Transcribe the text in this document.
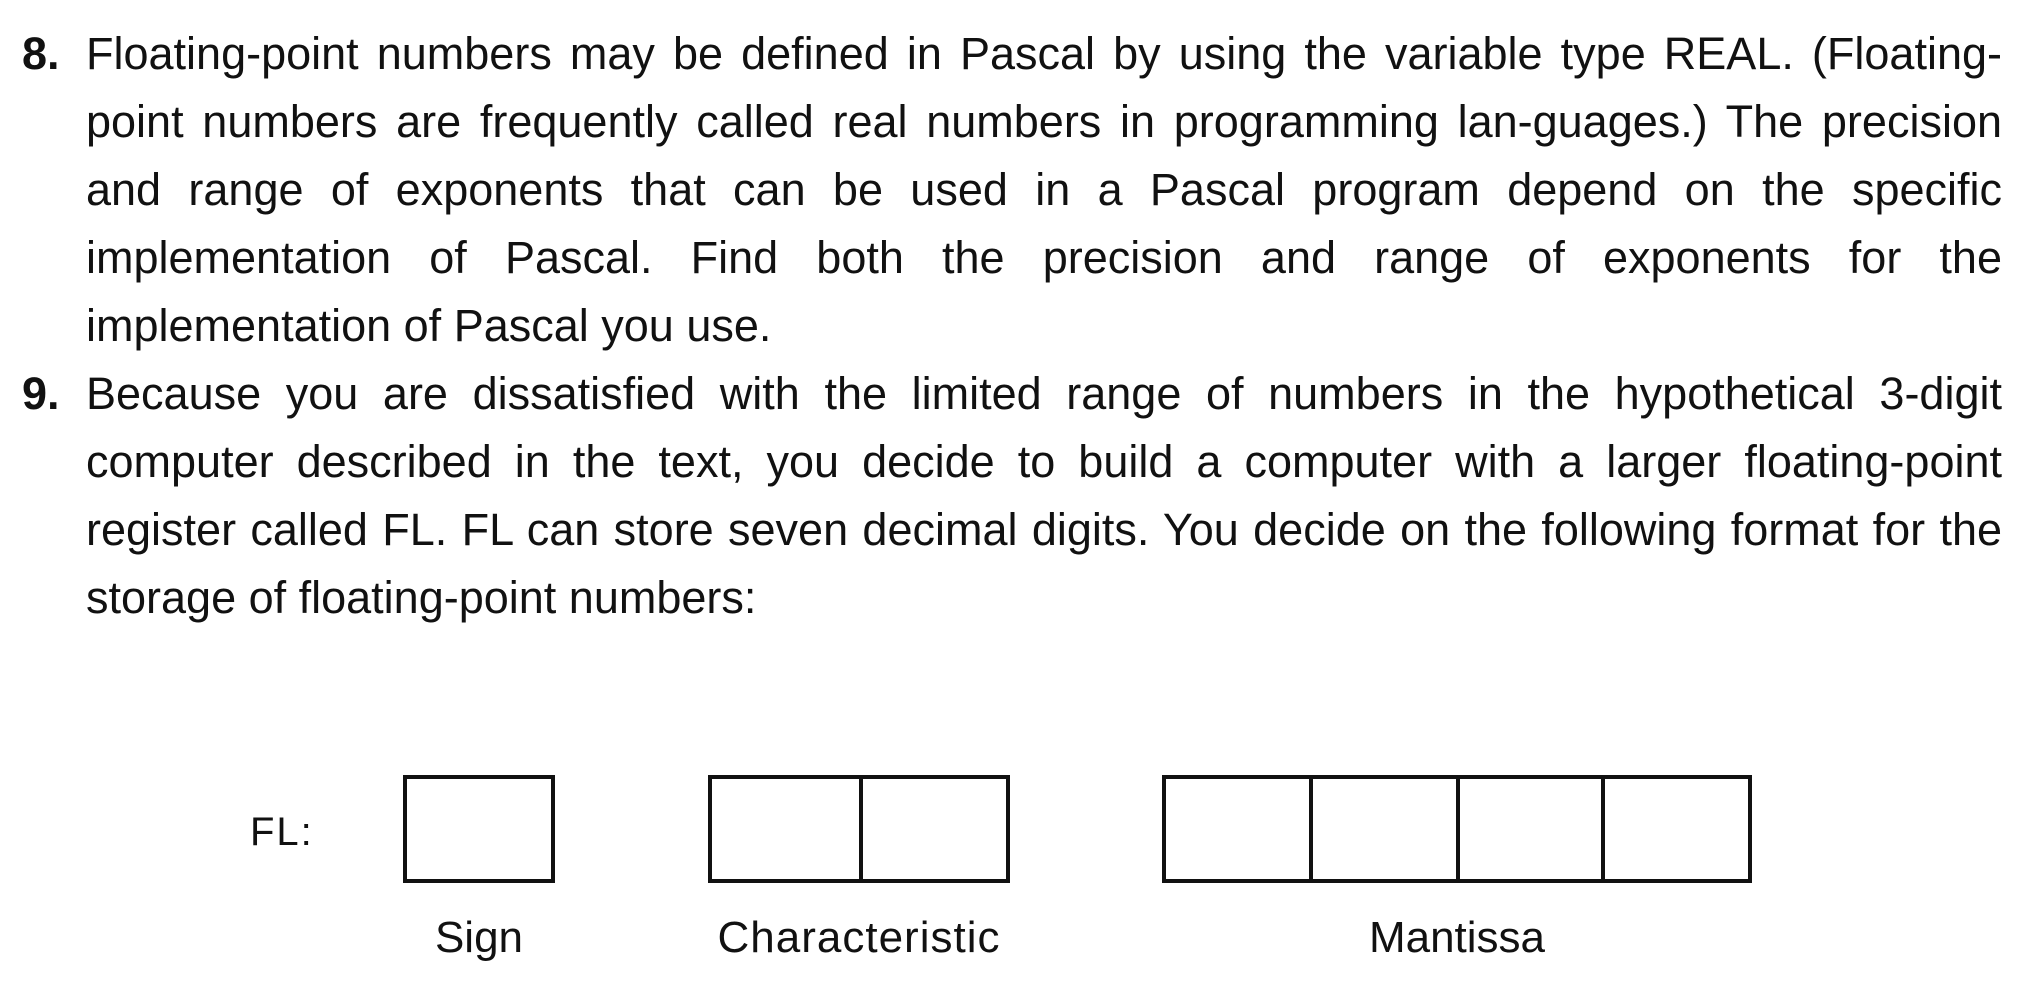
8. Floating-point numbers may be defined in Pascal by using the variable type REAL. (Floating-point numbers are frequently called real numbers in programming lan-guages.) The precision and range of exponents that can be used in a Pascal program depend on the specific implementation of Pascal. Find both the precision and range of exponents for the implementation of Pascal you use.
9. Because you are dissatisfied with the limited range of numbers in the hypothetical 3-digit computer described in the text, you decide to build a computer with a larger floating-point register called FL. FL can store seven decimal digits. You decide on the following format for the storage of floating-point numbers:
FL:
Sign	Characteristic	Mantissa
